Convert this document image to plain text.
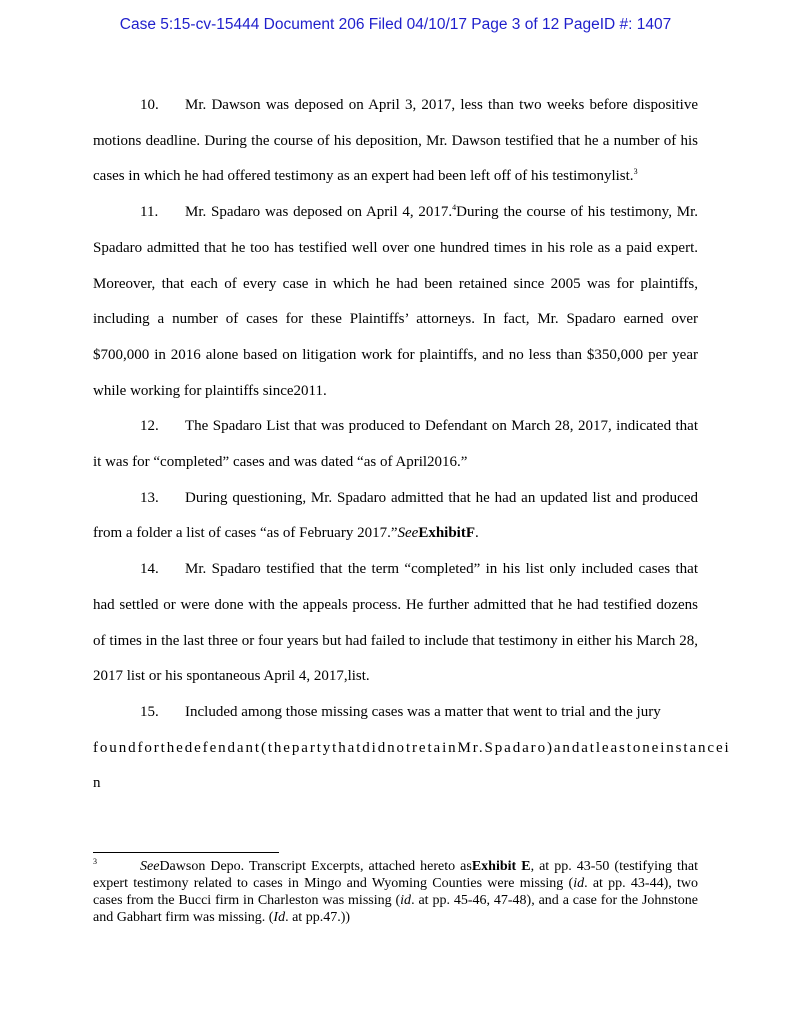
Case 5:15-cv-15444 Document 206 Filed 04/10/17 Page 3 of 12 PageID #: 1407

10. Mr. Dawson was deposed on April 3, 2017, less than two weeks before dispositive motions deadline. During the course of his deposition, Mr. Dawson testified that he a number of his cases in which he had offered testimony as an expert had been left off of his testimonylist.$^3$

11. Mr. Spadaro was deposed on April 4, 2017.$^4$During the course of his testimony, Mr. Spadaro admitted that he too has testified well over one hundred times in his role as a paid expert. Moreover, that each of every case in which he had been retained since 2005 was for plaintiffs, including a number of cases for these Plaintiffs’ attorneys. In fact, Mr. Spadaro earned over $700,000 in 2016 alone based on litigation work for plaintiffs, and no less than $350,000 per year while working for plaintiffs since2011.

12. The Spadaro List that was produced to Defendant on March 28, 2017, indicated that it was for “completed” cases and was dated “as of April2016.”

13. During questioning, Mr. Spadaro admitted that he had an updated list and produced from a folder a list of cases “as of February 2017.”SeeExhibitF.

14. Mr. Spadaro testified that the term “completed” in his list only included cases that had settled or were done with the appeals process. He further admitted that he had testified dozens of times in the last three or four years but had failed to include that testimony in either his March 28, 2017 list or his spontaneous April 4, 2017,list.

15. Included among those missing cases was a matter that went to trial and the jury

foundforthedefendant(thepartythatdidnotretainMr.Spadaro)andatleastoneinstancei
n
3	SeeDawson Depo. Transcript Excerpts, attached hereto asExhibit E, at pp. 43-50 (testifying that expert testimony related to cases in Mingo and Wyoming Counties were missing (id. at pp. 43-44), two cases from the Bucci firm in Charleston was missing (id. at pp. 45-46, 47-48), and a case for the Johnstone and Gabhart firm was missing. (Id. at pp.47.))
